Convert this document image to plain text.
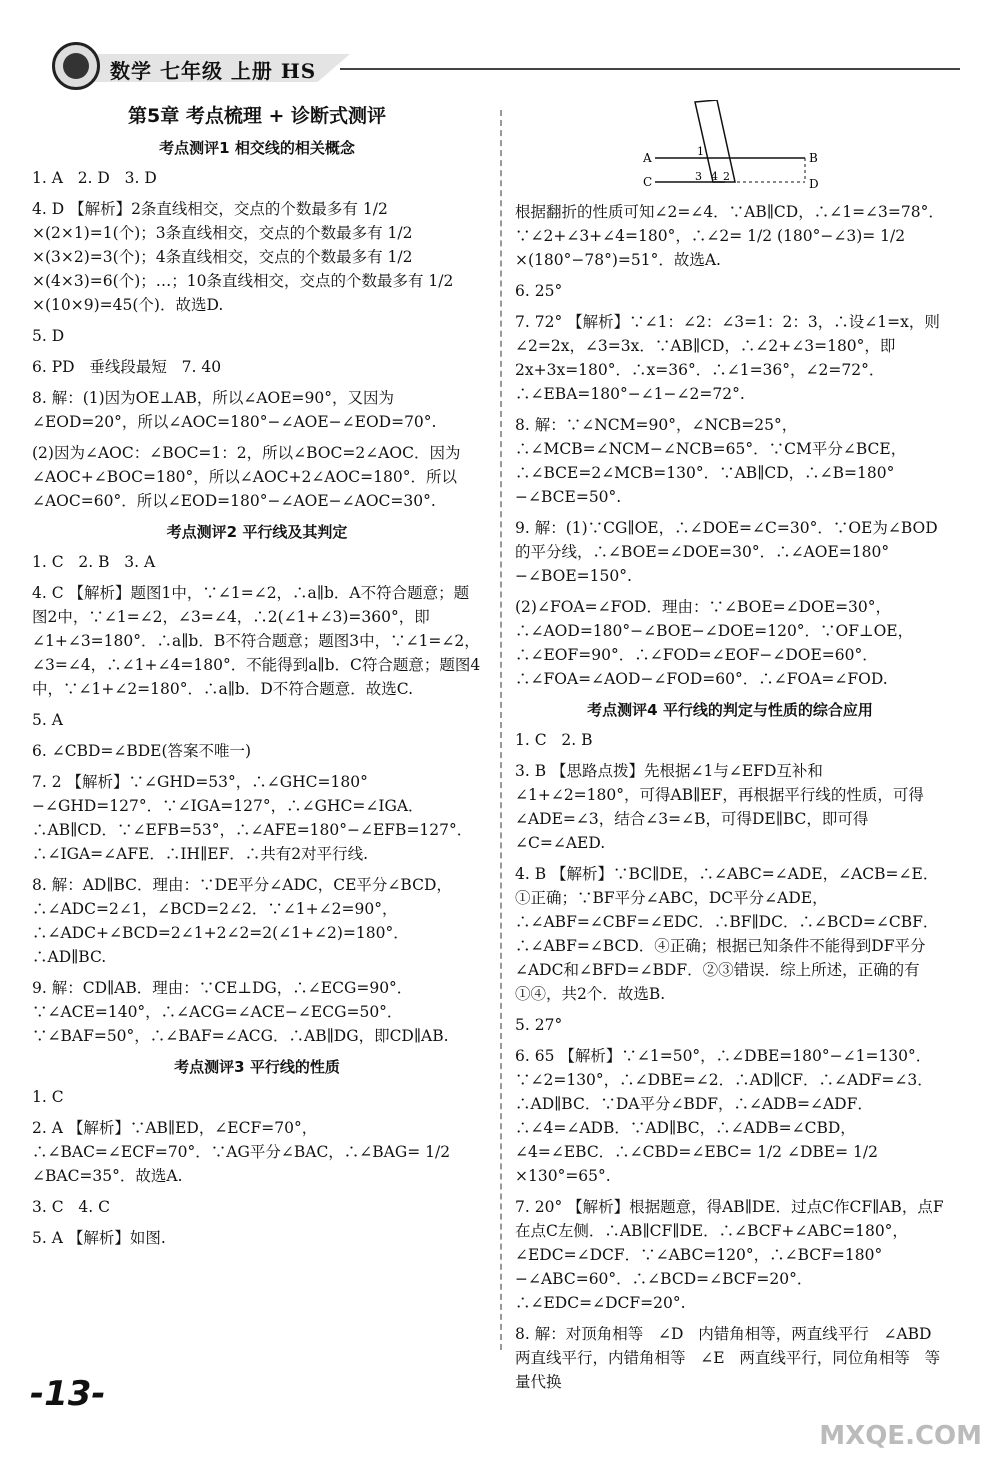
数学 七年级 上册 HS
第5章 考点梳理 + 诊断式测评
考点测评1 相交线的相关概念
1. A   2. D   3. D
4. D 【解析】2条直线相交，交点的个数最多有 1/2 ×(2×1)=1(个)；3条直线相交，交点的个数最多有 1/2 ×(3×2)=3(个)；4条直线相交，交点的个数最多有 1/2 ×(4×3)=6(个)；…；10条直线相交，交点的个数最多有 1/2 ×(10×9)=45(个)．故选D.
5. D
6. PD   垂线段最短   7. 40
8. 解：(1)因为OE⊥AB，所以∠AOE=90°，又因为∠EOD=20°，所以∠AOC=180°−∠AOE−∠EOD=70°.
(2)因为∠AOC：∠BOC=1：2，所以∠BOC=2∠AOC．因为∠AOC+∠BOC=180°，所以∠AOC+2∠AOC=180°．所以∠AOC=60°．所以∠EOD=180°−∠AOE−∠AOC=30°.
考点测评2 平行线及其判定
1. C   2. B   3. A
4. C 【解析】题图1中，∵∠1=∠2，∴a∥b．A不符合题意；题图2中，∵∠1=∠2，∠3=∠4，∴2(∠1+∠3)=360°，即∠1+∠3=180°．∴a∥b．B不符合题意；题图3中，∵∠1=∠2，∠3=∠4，∴∠1+∠4=180°．不能得到a∥b．C符合题意；题图4中，∵∠1+∠2=180°．∴a∥b．D不符合题意．故选C.
5. A
6. ∠CBD=∠BDE(答案不唯一)
7. 2 【解析】∵∠GHD=53°，∴∠GHC=180°−∠GHD=127°．∵∠IGA=127°，∴∠GHC=∠IGA．∴AB∥CD．∵∠EFB=53°，∴∠AFE=180°−∠EFB=127°．∴∠IGA=∠AFE．∴IH∥EF．∴共有2对平行线.
8. 解：AD∥BC．理由：∵DE平分∠ADC，CE平分∠BCD，∴∠ADC=2∠1，∠BCD=2∠2．∵∠1+∠2=90°，∴∠ADC+∠BCD=2∠1+2∠2=2(∠1+∠2)=180°．∴AD∥BC.
9. 解：CD∥AB．理由：∵CE⊥DG，∴∠ECG=90°．∵∠ACE=140°，∴∠ACG=∠ACE−∠ECG=50°．∵∠BAF=50°，∴∠BAF=∠ACG．∴AB∥DG，即CD∥AB.
考点测评3 平行线的性质
1. C
2. A 【解析】∵AB∥ED，∠ECF=70°，∴∠BAC=∠ECF=70°．∵AG平分∠BAC，∴∠BAG= 1/2 ∠BAC=35°．故选A.
3. C   4. C
5. A 【解析】如图.
A
C
B
D
1
2
3 4
根据翻折的性质可知∠2=∠4．∵AB∥CD，∴∠1=∠3=78°．∵∠2+∠3+∠4=180°，∴∠2= 1/2 (180°−∠3)= 1/2 ×(180°−78°)=51°．故选A.
6. 25°
7. 72° 【解析】∵∠1：∠2：∠3=1：2：3，∴设∠1=x，则∠2=2x，∠3=3x．∵AB∥CD，∴∠2+∠3=180°，即2x+3x=180°．∴x=36°．∴∠1=36°，∠2=72°．∴∠EBA=180°−∠1−∠2=72°.
8. 解：∵∠NCM=90°，∠NCB=25°，∴∠MCB=∠NCM−∠NCB=65°．∵CM平分∠BCE，∴∠BCE=2∠MCB=130°．∵AB∥CD，∴∠B=180°−∠BCE=50°.
9. 解：(1)∵CG∥OE，∴∠DOE=∠C=30°．∵OE为∠BOD的平分线，∴∠BOE=∠DOE=30°．∴∠AOE=180°−∠BOE=150°.
(2)∠FOA=∠FOD．理由：∵∠BOE=∠DOE=30°，∴∠AOD=180°−∠BOE−∠DOE=120°．∵OF⊥OE，∴∠EOF=90°．∴∠FOD=∠EOF−∠DOE=60°．∴∠FOA=∠AOD−∠FOD=60°．∴∠FOA=∠FOD.
考点测评4 平行线的判定与性质的综合应用
1. C   2. B
3. B 【思路点拨】先根据∠1与∠EFD互补和∠1+∠2=180°，可得AB∥EF，再根据平行线的性质，可得∠ADE=∠3，结合∠3=∠B，可得DE∥BC，即可得∠C=∠AED.
4. B 【解析】∵BC∥DE，∴∠ABC=∠ADE，∠ACB=∠E．①正确；∵BF平分∠ABC，DC平分∠ADE，∴∠ABF=∠CBF=∠EDC．∴BF∥DC．∴∠BCD=∠CBF．∴∠ABF=∠BCD．④正确；根据已知条件不能得到DF平分∠ADC和∠BFD=∠BDF．②③错误．综上所述，正确的有①④，共2个．故选B.
5. 27°
6. 65 【解析】∵∠1=50°，∴∠DBE=180°−∠1=130°．∵∠2=130°，∴∠DBE=∠2．∴AD∥CF．∴∠ADF=∠3．∴AD∥BC．∵DA平分∠BDF，∴∠ADB=∠ADF．∴∠4=∠ADB．∵AD∥BC，∴∠ADB=∠CBD，∠4=∠EBC．∴∠CBD=∠EBC= 1/2 ∠DBE= 1/2 ×130°=65°.
7. 20° 【解析】根据题意，得AB∥DE．过点C作CF∥AB，点F在点C左侧．∴AB∥CF∥DE．∴∠BCF+∠ABC=180°，∠EDC=∠DCF．∵∠ABC=120°，∴∠BCF=180°−∠ABC=60°．∴∠BCD=∠BCF=20°．∴∠EDC=∠DCF=20°.
8. 解：对顶角相等   ∠D   内错角相等，两直线平行   ∠ABD   两直线平行，内错角相等   ∠E   两直线平行，同位角相等   等量代换
-13-
MXQE.COM
